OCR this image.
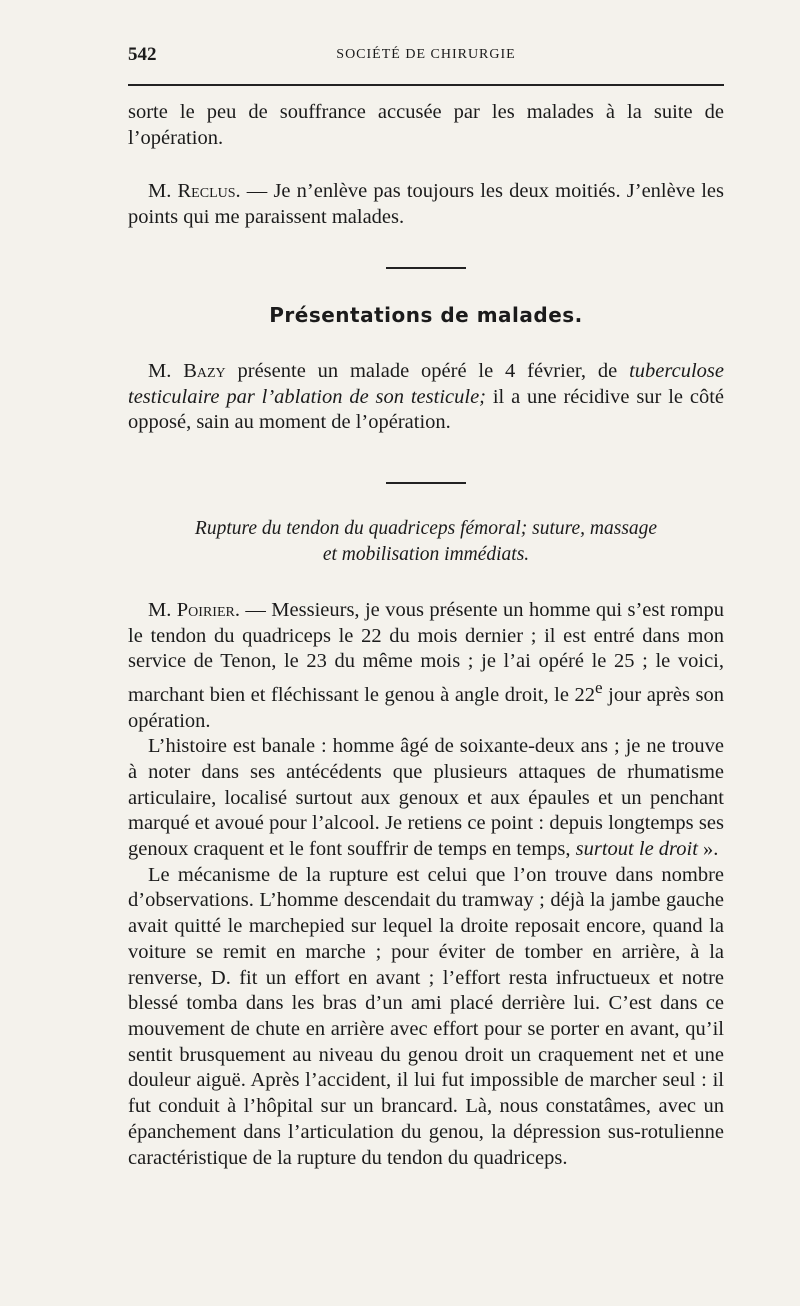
542	SOCIÉTÉ DE CHIRURGIE

sorte le peu de souffrance accusée par les malades à la suite de l’opération.

M. Reclus. — Je n’enlève pas toujours les deux moitiés. J’enlève les points qui me paraissent malades.

Présentations de malades.

M. Bazy présente un malade opéré le 4 février, de tuberculose testiculaire par l’ablation de son testicule; il a une récidive sur le côté opposé, sain au moment de l’opération.

Rupture du tendon du quadriceps fémoral; suture, massage
et mobilisation immédiats.

M. Poirier. — Messieurs, je vous présente un homme qui s’est rompu le tendon du quadriceps le 22 du mois dernier ; il est entré dans mon service de Tenon, le 23 du même mois ; je l’ai opéré le 25 ; le voici, marchant bien et fléchissant le genou à angle droit, le 22e jour après son opération.

L’histoire est banale : homme âgé de soixante-deux ans ; je ne trouve à noter dans ses antécédents que plusieurs attaques de rhumatisme articulaire, localisé surtout aux genoux et aux épaules et un penchant marqué et avoué pour l’alcool. Je retiens ce point : depuis longtemps ses genoux craquent et le font souffrir de temps en temps, surtout le droit ».

Le mécanisme de la rupture est celui que l’on trouve dans nombre d’observations. L’homme descendait du tramway ; déjà la jambe gauche avait quitté le marchepied sur lequel la droite reposait encore, quand la voiture se remit en marche ; pour éviter de tomber en arrière, à la renverse, D. fit un effort en avant ; l’effort resta infructueux et notre blessé tomba dans les bras d’un ami placé derrière lui. C’est dans ce mouvement de chute en arrière avec effort pour se porter en avant, qu’il sentit brusquement au niveau du genou droit un craquement net et une douleur aiguë. Après l’accident, il lui fut impossible de marcher seul : il fut conduit à l’hôpital sur un brancard. Là, nous constatâmes, avec un épanchement dans l’articulation du genou, la dépression sus-rotulienne caractéristique de la rupture du tendon du quadriceps.
